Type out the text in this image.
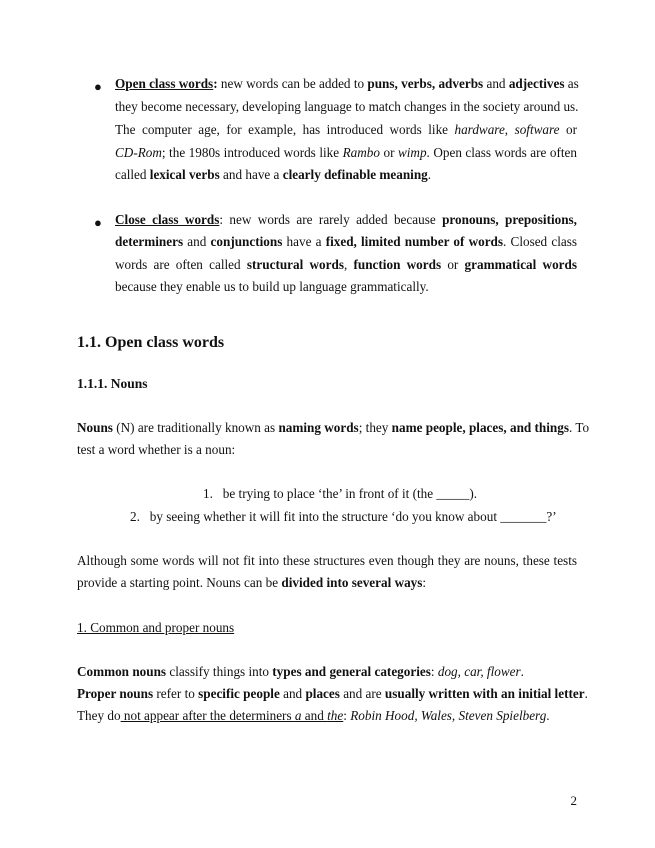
● Open class words: new words can be added to puns, verbs, adverbs and adjectives as
they become necessary, developing language to match changes in the society around us.
The computer age, for example, has introduced words like hardware, software or
CD-Rom; the 1980s introduced words like Rambo or wimp. Open class words are often
called lexical verbs and have a clearly definable meaning.
● Close class words: new words are rarely added because pronouns, prepositions,
determiners and conjunctions have a fixed, limited number of words. Closed class
words are often called structural words, function words or grammatical words
because they enable us to build up language grammatically.
1.1. Open class words
1.1.1. Nouns
Nouns (N) are traditionally known as naming words; they name people, places, and things. To
test a word whether is a noun:
1. be trying to place ‘the’ in front of it (the _____).
2. by seeing whether it will fit into the structure ‘do you know about _______?’
Although some words will not fit into these structures even though they are nouns, these tests
provide a starting point. Nouns can be divided into several ways:
1. Common and proper nouns
Common nouns classify things into types and general categories: dog, car, flower.
Proper nouns refer to specific people and places and are usually written with an initial letter.
They do not appear after the determiners a and the: Robin Hood, Wales, Steven Spielberg.
2
